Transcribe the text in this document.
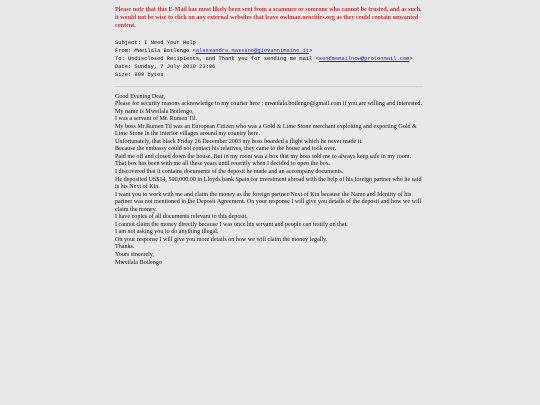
Please note that this E-Mail has most likely been sent from a scammer or someone who cannot be trusted, and as such, it would not be wise to click on any external websites that leave owlman.neocities.org as they could contain unwanted content.

Subject: I Need Your Help
From: Mweilala Botlengo <alessandro.massano@giovannimaino.it>
To: Undisclosed Recipients, and Thank you for sending me mail <sendmemailnow@protonmail.com>
Date: Sunday, 7 July 2019 23:06
Size: 909 bytes

Good Evening Dear,

Please for security reasons acknowledge to my courier here : mweilala.botlengo@gmail.com if you are willing and interested.

My name is Mweilala Botlengo,

I was a servant of Mr. Rumen Til.

My boss Mr.Rumen Til was an European Citizen who was a Gold & Lime Stone merchant exploiting and exporting Gold & Lime Stone in the interior villages around my country here.

Unfortunately, that black Friday 26 December 2003 my boss boarded a flight which he never made it.

Because the embassy could not contact his relatives, they came to the house and took over.

Paid me off and closed down the house. But in my room was a box that my boss told me to always keep safe in my room.

That box has been with me all these years until recently when I decided to open the box.

I discovered that it contains documents of the deposit he made and an accompany documents.

He deposited US$14, 500,000.00 in Lloyds bank Spain for investment abroad with the help of his foreign partner who he said is his Next of Kin.

I want you to work with me and claim the money as the foreign partner/Next of Kin because the Name and Identity of his partner was not mentioned in the Deposit Agreement. On your response I will give you details of the deposit and how we will claim the money.

I have copies of all documents relevant to this deposit.

I cannot claim the money directly because I was once his servant and people can testify on that.

I am not asking you to do anything illegal.

On your response I will give you more details on how we will claim the money legally.

Thanks.

Yours sincerely,

Mweilala Botlengo
